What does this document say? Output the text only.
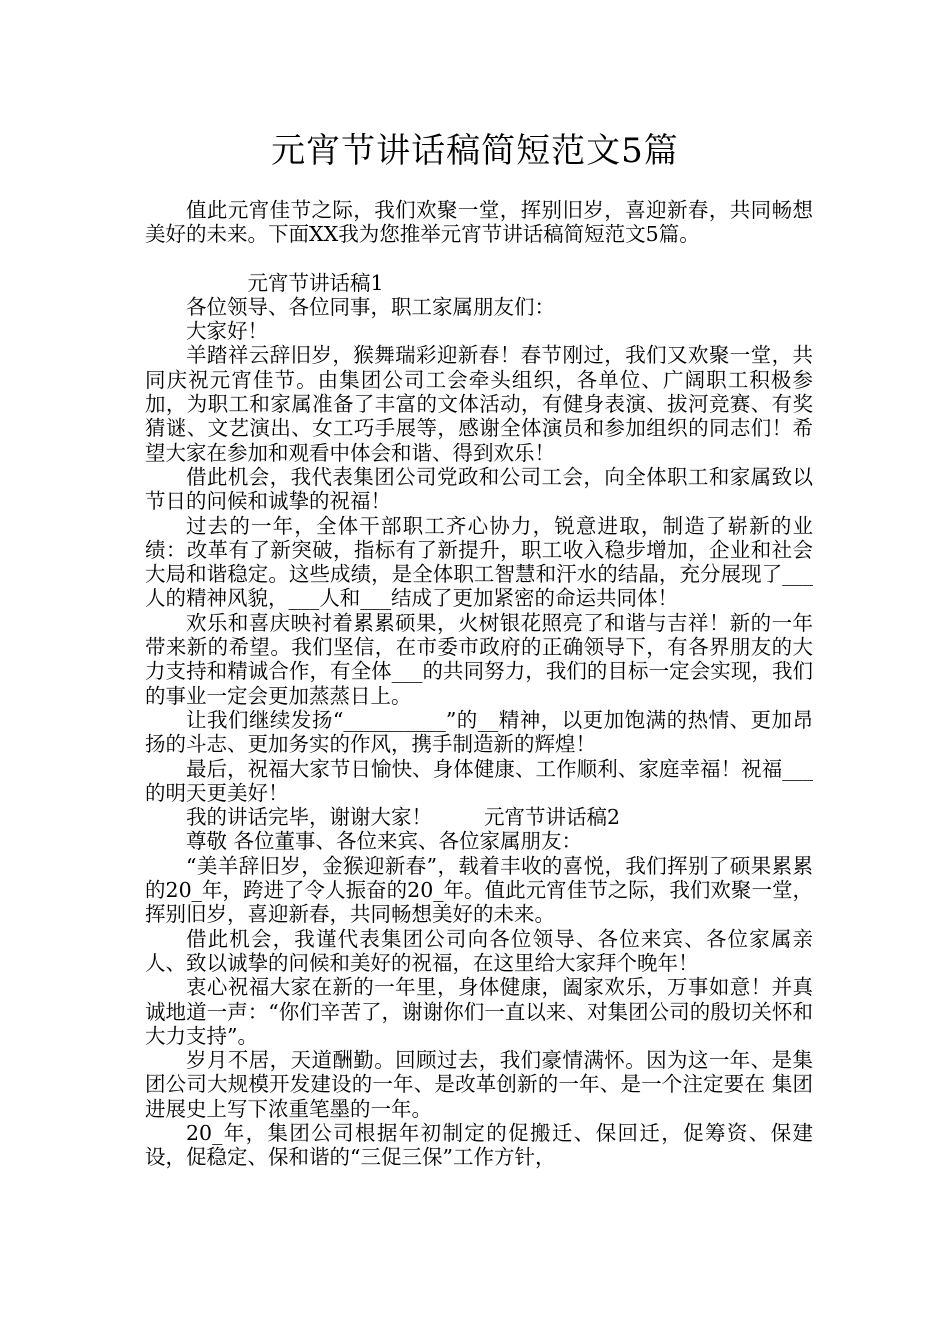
元宵节讲话稿简短范文5篇

值此元宵佳节之际，我们欢聚一堂，挥别旧岁，喜迎新春，共同畅想美好的未来。下面XX我为您推举元宵节讲话稿简短范文5篇。

元宵节讲话稿1

各位领导、各位同事，职工家属朋友们：

大家好！

羊踏祥云辞旧岁，猴舞瑞彩迎新春！春节刚过，我们又欢聚一堂，共同庆祝元宵佳节。由集团公司工会牵头组织，各单位、广阔职工积极参加，为职工和家属准备了丰富的文体活动，有健身表演、拔河竞赛、有奖猜谜、文艺演出、女工巧手展等，感谢全体演员和参加组织的同志们！希望大家在参加和观看中体会和谐、得到欢乐！

借此机会，我代表集团公司党政和公司工会，向全体职工和家属致以节日的问候和诚挚的祝福！

过去的一年，全体干部职工齐心协力，锐意进取，制造了崭新的业绩：改革有了新突破，指标有了新提升，职工收入稳步增加，企业和社会大局和谐稳定。这些成绩，是全体职工智慧和汗水的结晶，充分展现了___人的精神风貌，___人和___结成了更加紧密的命运共同体！

欢乐和喜庆映衬着累累硕果，火树银花照亮了和谐与吉祥！新的一年带来新的希望。我们坚信，在市委市政府的正确领导下，有各界朋友的大力支持和精诚合作，有全体___的共同努力，我们的目标一定会实现，我们的事业一定会更加蒸蒸日上。

让我们继续发扬“__________”的__精神，以更加饱满的热情、更加昂扬的斗志、更加务实的作风，携手制造新的辉煌！

最后，祝福大家节日愉快、身体健康、工作顺利、家庭幸福！祝福___的明天更美好！

我的讲话完毕，谢谢大家！	元宵节讲话稿2

尊敬 各位董事、各位来宾、各位家属朋友：

“美羊辞旧岁，金猴迎新春”，载着丰收的喜悦，我们挥别了硕果累累的20_年，跨进了令人振奋的20_年。值此元宵佳节之际，我们欢聚一堂，挥别旧岁，喜迎新春，共同畅想美好的未来。

借此机会，我谨代表集团公司向各位领导、各位来宾、各位家属亲人、致以诚挚的问候和美好的祝福，在这里给大家拜个晚年！

衷心祝福大家在新的一年里，身体健康，阖家欢乐，万事如意！并真诚地道一声：“你们辛苦了，谢谢你们一直以来、对集团公司的殷切关怀和大力支持”。

岁月不居，天道酬勤。回顾过去，我们豪情满怀。因为这一年、是集团公司大规模开发建设的一年、是改革创新的一年、是一个注定要在 集团进展史上写下浓重笔墨的一年。

20_年，集团公司根据年初制定的促搬迁、保回迁，促筹资、保建设，促稳定、保和谐的“三促三保”工作方针，
